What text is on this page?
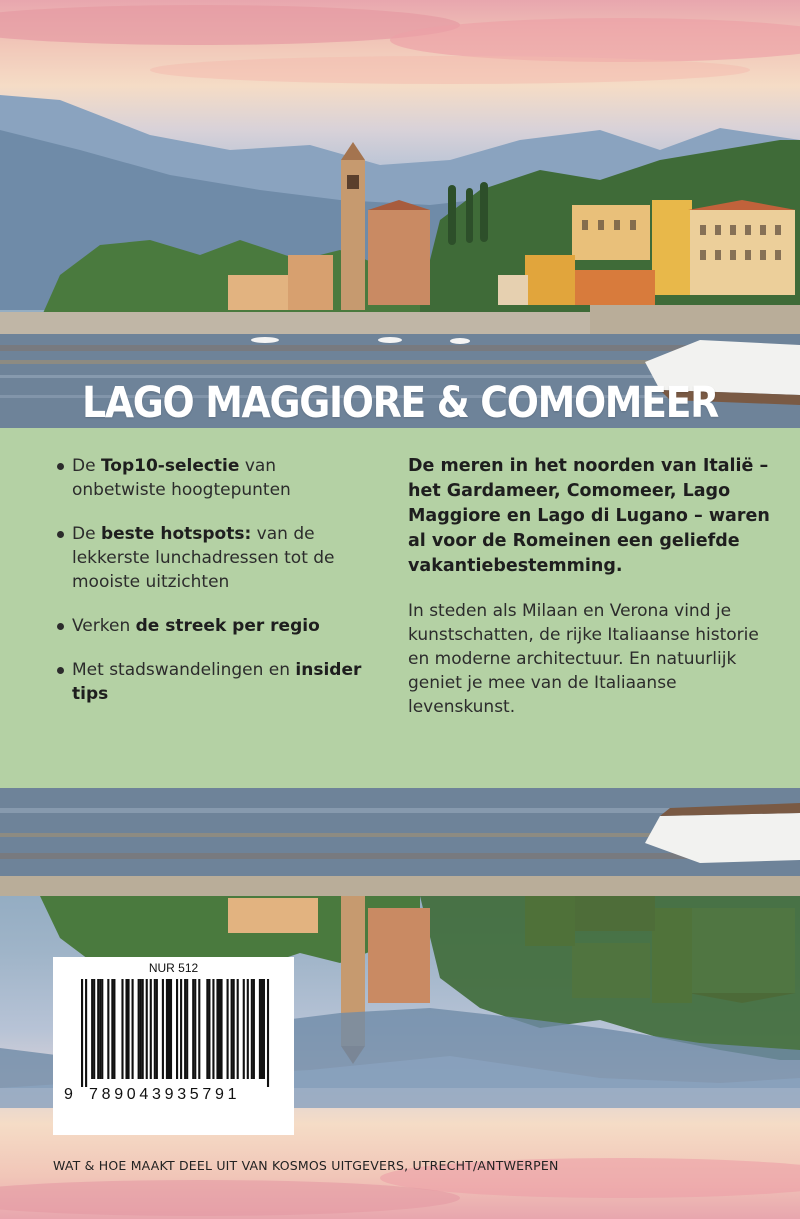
LAGO MAGGIORE & COMOMEER
De Top10-selectie van onbetwiste hoogtepunten
De beste hotspots: van de lekkerste lunchadressen tot de mooiste uitzichten
Verken de streek per regio
Met stadswandelingen en insider tips

De meren in het noorden van Italië – het Gardameer, Comomeer, Lago Maggiore en Lago di Lugano – waren al voor de Romeinen een geliefde vakantiebestemming.

In steden als Milaan en Verona vind je kunstschatten, de rijke Italiaanse historie en moderne architectuur. En natuurlijk geniet je mee van de Italiaanse levenskunst.

WAT & HOE MAAKT DEEL UIT VAN KOSMOS UITGEVERS, UTRECHT/ANTWERPEN
NUR 512
9 789043935791
